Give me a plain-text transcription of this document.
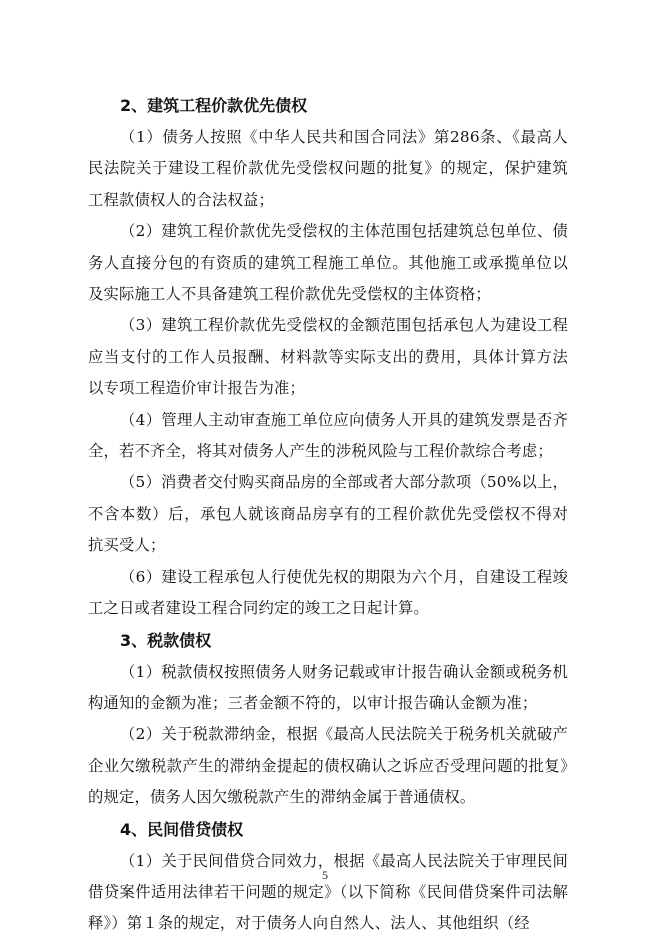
2、建筑工程价款优先债权

（1）债务人按照《中华人民共和国合同法》第286条、《最高人民法院关于建设工程价款优先受偿权问题的批复》的规定，保护建筑工程款债权人的合法权益；

（2）建筑工程价款优先受偿权的主体范围包括建筑总包单位、债务人直接分包的有资质的建筑工程施工单位。其他施工或承揽单位以及实际施工人不具备建筑工程价款优先受偿权的主体资格；

（3）建筑工程价款优先受偿权的金额范围包括承包人为建设工程应当支付的工作人员报酬、材料款等实际支出的费用，具体计算方法以专项工程造价审计报告为准；

（4）管理人主动审查施工单位应向债务人开具的建筑发票是否齐全，若不齐全，将其对债务人产生的涉税风险与工程价款综合考虑；

（5）消费者交付购买商品房的全部或者大部分款项（50%以上，不含本数）后，承包人就该商品房享有的工程价款优先受偿权不得对抗买受人；

（6）建设工程承包人行使优先权的期限为六个月，自建设工程竣工之日或者建设工程合同约定的竣工之日起计算。

3、税款债权

（1）税款债权按照债务人财务记载或审计报告确认金额或税务机构通知的金额为准；三者金额不符的，以审计报告确认金额为准；

（2）关于税款滞纳金，根据《最高人民法院关于税务机关就破产企业欠缴税款产生的滞纳金提起的债权确认之诉应否受理问题的批复》的规定，债务人因欠缴税款产生的滞纳金属于普通债权。

4、民间借贷债权

（1）关于民间借贷合同效力，根据《最高人民法院关于审理民间借贷案件适用法律若干问题的规定》（以下简称《民间借贷案件司法解释》）第１条的规定，对于债务人向自然人、法人、其他组织（经

5
